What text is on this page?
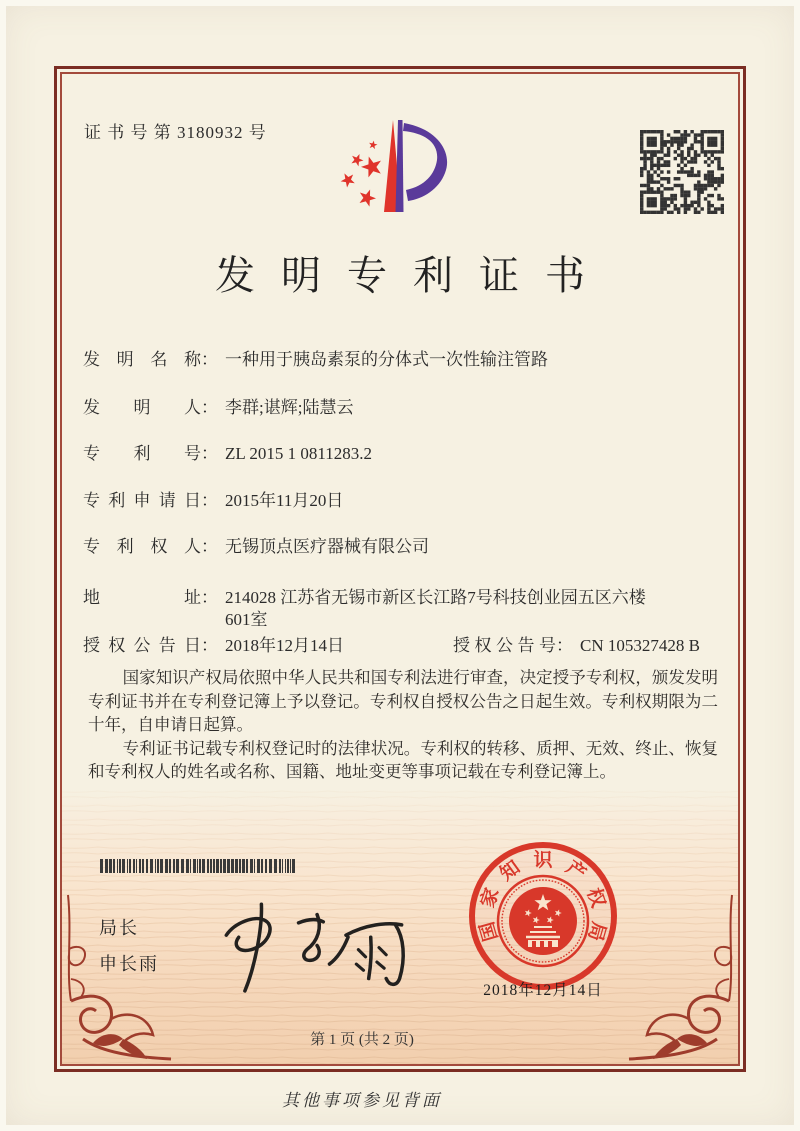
证 书 号 第 3180932 号
发明专利证书
发明名称 ： 一种用于胰岛素泵的分体式一次性输注管路
发明人 ： 李群;谌辉;陆慧云
专利号 ： ZL 2015 1 0811283.2
专利申请日 ： 2015年11月20日
专利权人 ： 无锡顶点医疗器械有限公司
地址 ： 214028 江苏省无锡市新区长江路7号科技创业园五区六楼
601室
授权公告日 ： 2018年12月14日	授权公告号 ： CN 105327428 B

国家知识产权局依照中华人民共和国专利法进行审查，决定授予专利权，颁发发明专利证书并在专利登记簿上予以登记。专利权自授权公告之日起生效。专利权期限为二十年，自申请日起算。

专利证书记载专利权登记时的法律状况。专利权的转移、质押、无效、终止、恢复和专利权人的姓名或名称、国籍、地址变更等事项记载在专利登记簿上。

局长
申长雨
国
家
知 识 产
权
局
2018年12月14日
第 1 页 (共 2 页)
其他事项参见背面
